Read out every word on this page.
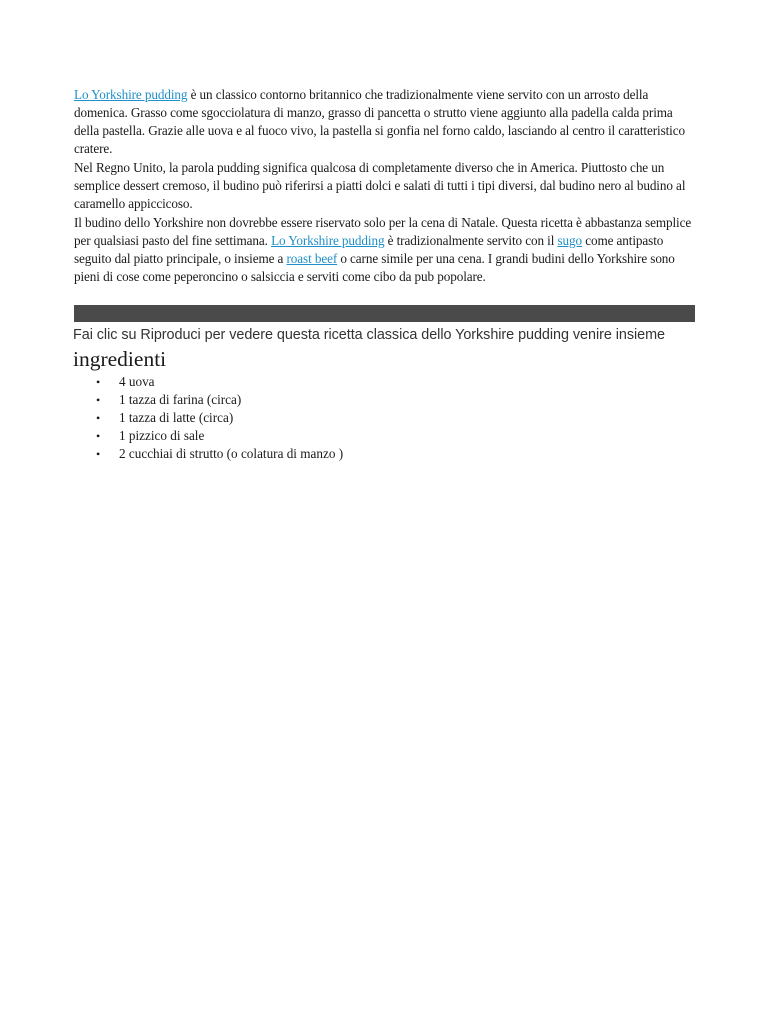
Lo Yorkshire pudding è un classico contorno britannico che tradizionalmente viene servito con un arrosto della domenica. Grasso come sgocciolatura di manzo, grasso di pancetta o strutto viene aggiunto alla padella calda prima della pastella. Grazie alle uova e al fuoco vivo, la pastella si gonfia nel forno caldo, lasciando al centro il caratteristico cratere.

Nel Regno Unito, la parola pudding significa qualcosa di completamente diverso che in America. Piuttosto che un semplice dessert cremoso, il budino può riferirsi a piatti dolci e salati di tutti i tipi diversi, dal budino nero al budino al caramello appiccicoso.

Il budino dello Yorkshire non dovrebbe essere riservato solo per la cena di Natale. Questa ricetta è abbastanza semplice per qualsiasi pasto del fine settimana. Lo Yorkshire pudding è tradizionalmente servito con il sugo come antipasto seguito dal piatto principale, o insieme a roast beef o carne simile per una cena. I grandi budini dello Yorkshire sono pieni di cose come peperoncino o salsiccia e serviti come cibo da pub popolare.

Fai clic su Riproduci per vedere questa ricetta classica dello Yorkshire pudding venire insieme
ingredienti
• 4 uova
• 1 tazza di farina (circa)
• 1 tazza di latte (circa)
• 1 pizzico di sale
• 2 cucchiai di strutto (o colatura di manzo )
